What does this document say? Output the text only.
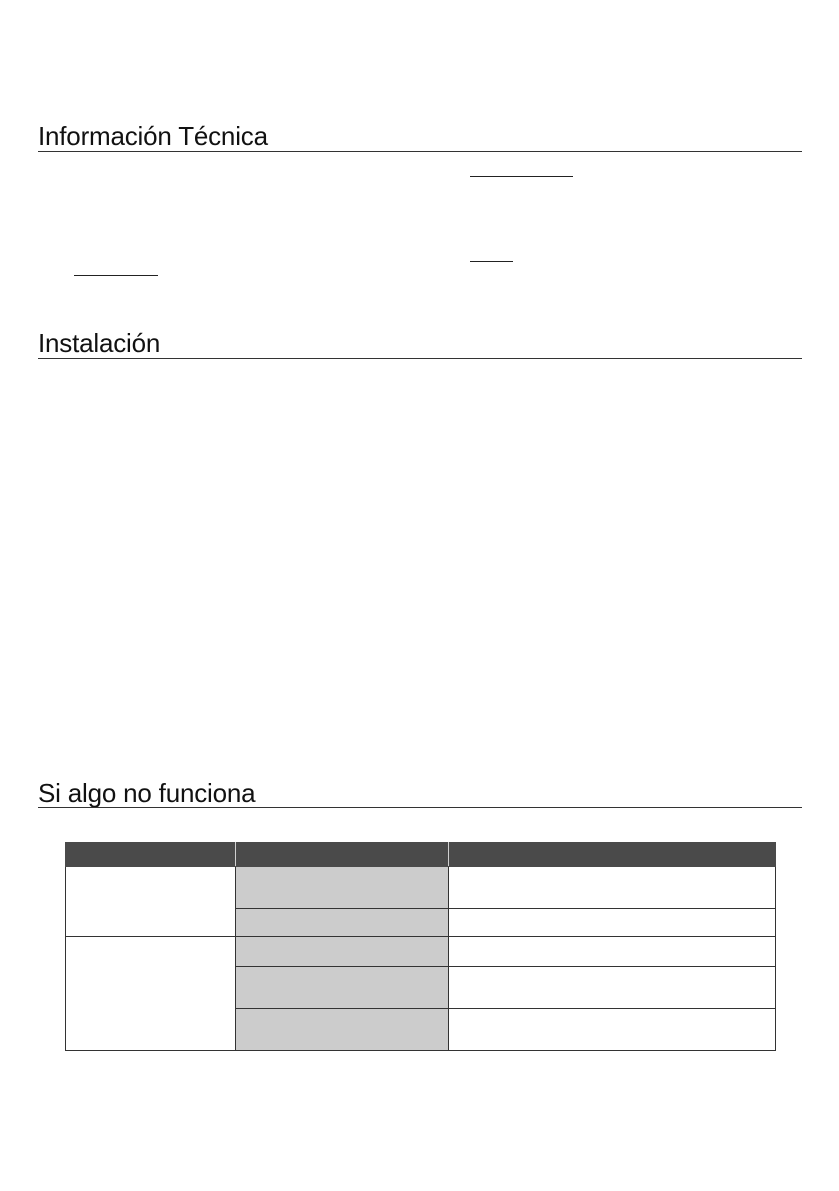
Información Técnica
Instalación
Si algo no funciona
